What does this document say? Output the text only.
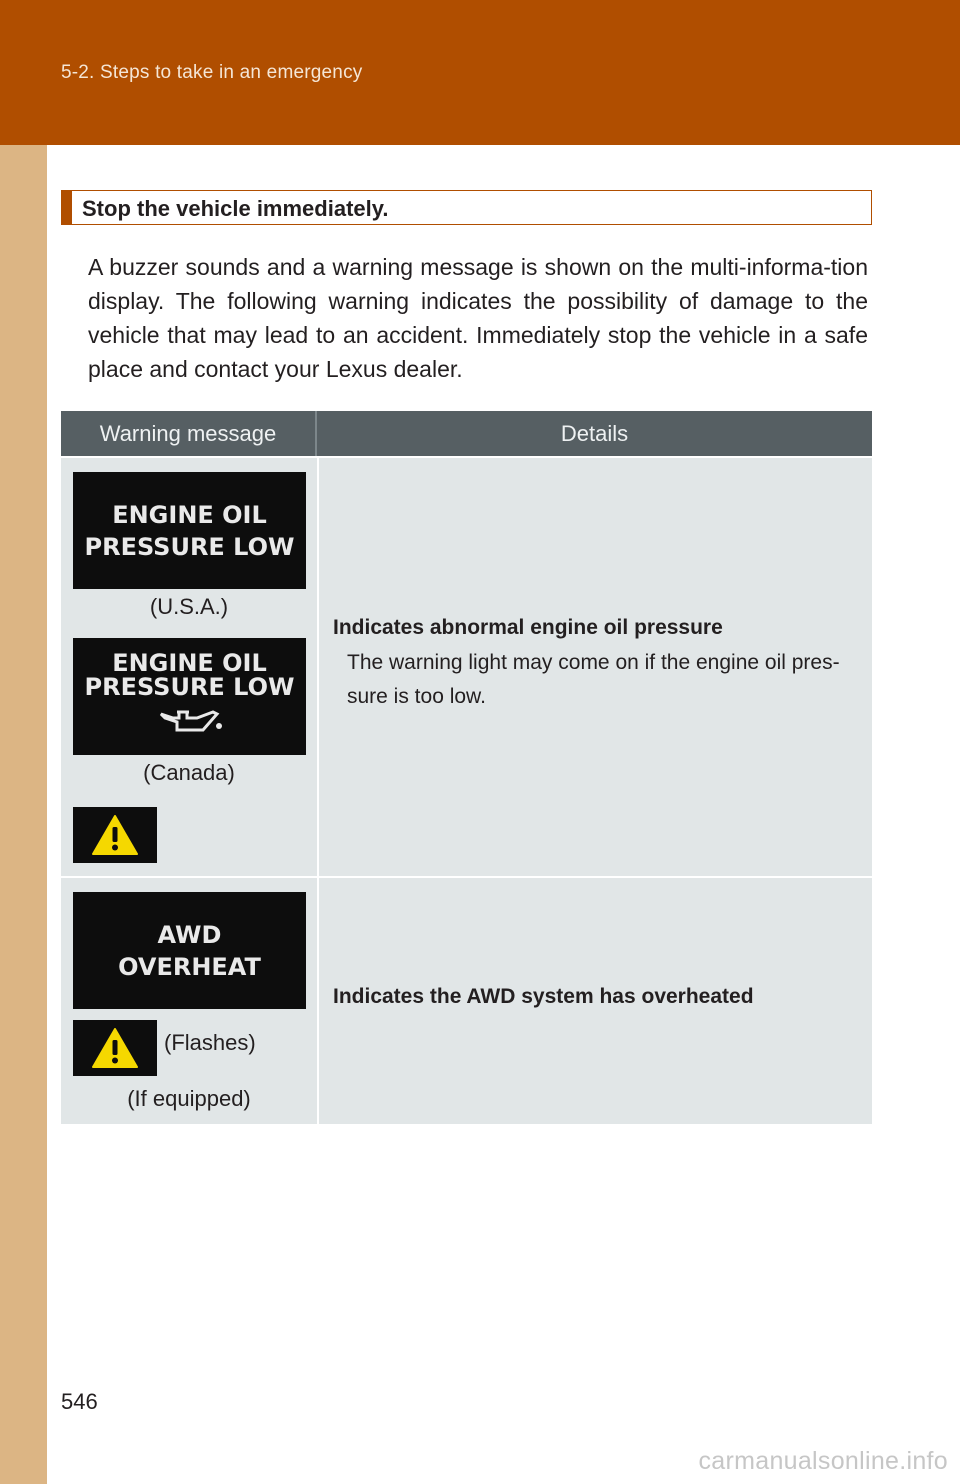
5-2. Steps to take in an emergency
Stop the vehicle immediately.

A buzzer sounds and a warning message is shown on the multi-informa-tion display. The following warning indicates the possibility of damage to the vehicle that may lead to an accident. Immediately stop the vehicle in a safe place and contact your Lexus dealer.

Warning message	Details
ENGINE OIL
PRESSURE LOW
(U.S.A.)
ENGINE OIL
PRESSURE LOW
(Canada)
Indicates abnormal engine oil pressure
The warning light may come on if the engine oil pres-sure is too low.
AWD
OVERHEAT
(Flashes)
(If equipped)
Indicates the AWD system has overheated
546
carmanualsonline.info
